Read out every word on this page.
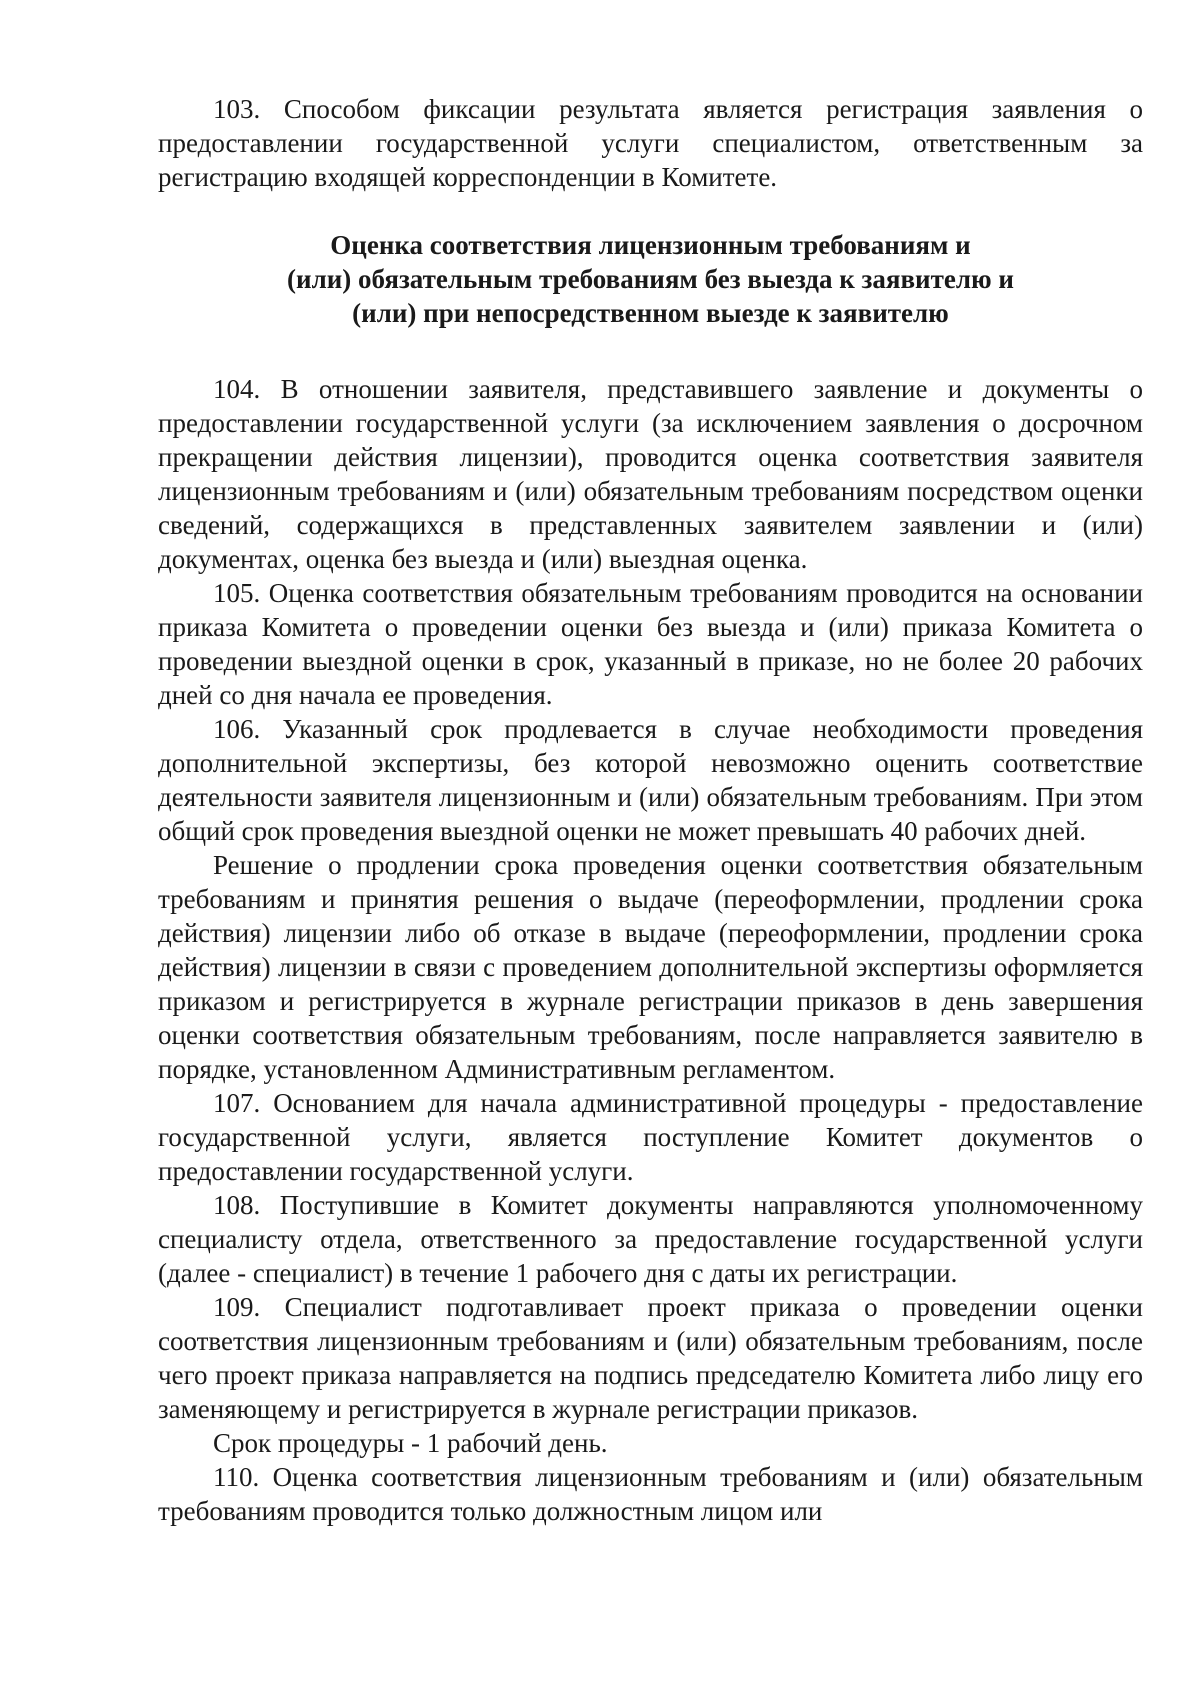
103. Способом фиксации результата является регистрация заявления о предоставлении государственной услуги специалистом, ответственным за регистрацию входящей корреспонденции в Комитете.

Оценка соответствия лицензионным требованиям и
(или) обязательным требованиям без выезда к заявителю и
(или) при непосредственном выезде к заявителю

104. В отношении заявителя, представившего заявление и документы о предоставлении государственной услуги (за исключением заявления о досрочном прекращении действия лицензии), проводится оценка соответствия заявителя лицензионным требованиям и (или) обязательным требованиям посредством оценки сведений, содержащихся в представленных заявителем заявлении и (или) документах, оценка без выезда и (или) выездная оценка.

105. Оценка соответствия обязательным требованиям проводится на основании приказа Комитета о проведении оценки без выезда и (или) приказа Комитета о проведении выездной оценки в срок, указанный в приказе, но не более 20 рабочих дней со дня начала ее проведения.

106. Указанный срок продлевается в случае необходимости проведения дополнительной экспертизы, без которой невозможно оценить соответствие деятельности заявителя лицензионным и (или) обязательным требованиям. При этом общий срок проведения выездной оценки не может превышать 40 рабочих дней.

Решение о продлении срока проведения оценки соответствия обязательным требованиям и принятия решения о выдаче (переоформлении, продлении срока действия) лицензии либо об отказе в выдаче (переоформлении, продлении срока действия) лицензии в связи с проведением дополнительной экспертизы оформляется приказом и регистрируется в журнале регистрации приказов в день завершения оценки соответствия обязательным требованиям, после направляется заявителю в порядке, установленном Административным регламентом.

107. Основанием для начала административной процедуры - предоставление государственной услуги, является поступление Комитет документов о предоставлении государственной услуги.

108. Поступившие в Комитет документы направляются уполномоченному специалисту отдела, ответственного за предоставление государственной услуги (далее - специалист) в течение 1 рабочего дня с даты их регистрации.

109. Специалист подготавливает проект приказа о проведении оценки соответствия лицензионным требованиям и (или) обязательным требованиям, после чего проект приказа направляется на подпись председателю Комитета либо лицу его заменяющему и регистрируется в журнале регистрации приказов.

Срок процедуры - 1 рабочий день.

110. Оценка соответствия лицензионным требованиям и (или) обязательным требованиям проводится только должностным лицом или
